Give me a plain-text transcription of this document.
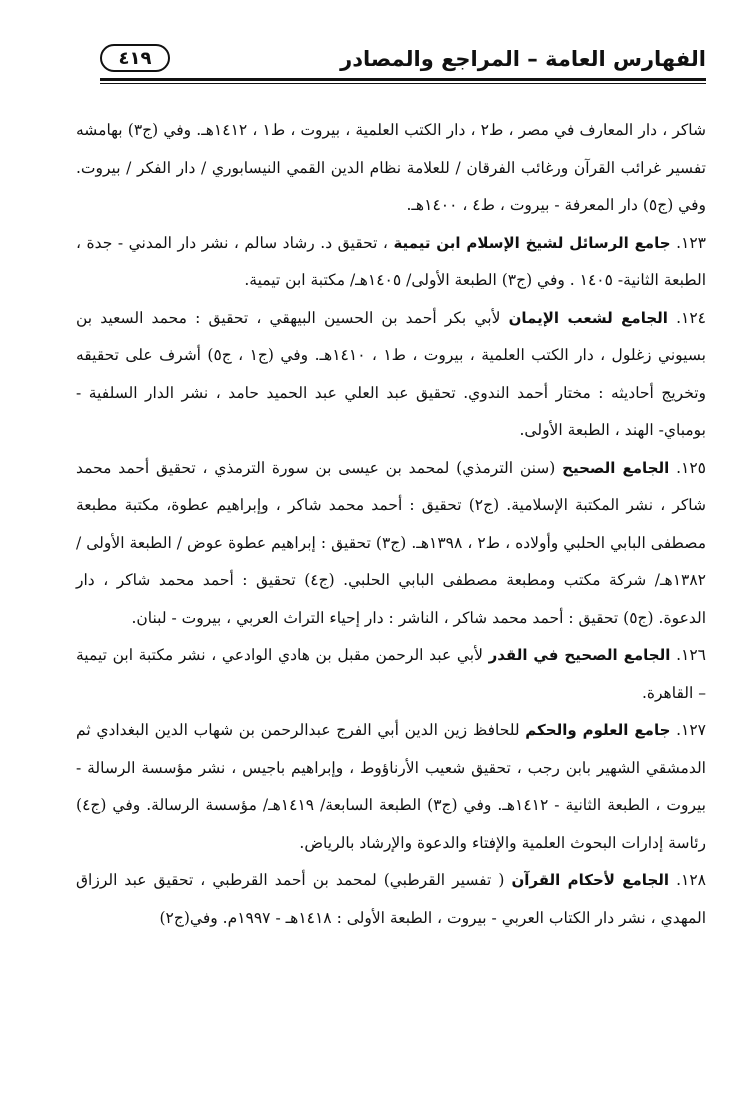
الفهارس العامة – المراجع والمصادر
٤١٩

شاكر ، دار المعارف في مصر ، ط٢ ، دار الكتب العلمية ، بيروت ، ط١ ، ١٤١٢هـ. وفي (ج٣) بهامشه تفسير غرائب القرآن ورغائب الفرقان / للعلامة نظام الدين القمي النيسابوري / دار الفكر / بيروت. وفي (ج٥) دار المعرفة - بيروت ، ط٤ ، ١٤٠٠هـ.

١٢٣. جامع الرسائل لشيخ الإسلام ابن تيمية ، تحقيق د. رشاد سالم ، نشر دار المدني - جدة ، الطبعة الثانية- ١٤٠٥ . وفي (ج٣) الطبعة الأولى/ ١٤٠٥هـ/ مكتبة ابن تيمية.

١٢٤. الجامع لشعب الإيمان لأبي بكر أحمد بن الحسين البيهقي ، تحقيق : محمد السعيد بن بسيوني زغلول ، دار الكتب العلمية ، بيروت ، ط١ ، ١٤١٠هـ. وفي (ج١ ، ج٥) أشرف على تحقيقه وتخريج أحاديثه : مختار أحمد الندوي. تحقيق عبد العلي عبد الحميد حامد ، نشر الدار السلفية - بومباي- الهند ، الطبعة الأولى.

١٢٥. الجامع الصحيح (سنن الترمذي) لمحمد بن عيسى بن سورة الترمذي ، تحقيق أحمد محمد شاكر ، نشر المكتبة الإسلامية. (ج٢) تحقيق : أحمد محمد شاكر ، وإبراهيم عطوة، مكتبة مطبعة مصطفى البابي الحلبي وأولاده ، ط٢ ، ١٣٩٨هـ. (ج٣) تحقيق : إبراهيم عطوة عوض / الطبعة الأولى / ١٣٨٢هـ/ شركة مكتب ومطبعة مصطفى البابي الحلبي. (ج٤) تحقيق : أحمد محمد شاكر ، دار الدعوة. (ج٥) تحقيق : أحمد محمد شاكر ، الناشر : دار إحياء التراث العربي ، بيروت - لبنان.

١٢٦. الجامع الصحيح في القدر لأبي عبد الرحمن مقبل بن هادي الوادعي ، نشر مكتبة ابن تيمية – القاهرة.

١٢٧. جامع العلوم والحكم للحافظ زين الدين أبي الفرج عبدالرحمن بن شهاب الدين البغدادي ثم الدمشقي الشهير بابن رجب ، تحقيق شعيب الأرناؤوط ، وإبراهيم باجيس ، نشر مؤسسة الرسالة - بيروت ، الطبعة الثانية - ١٤١٢هـ. وفي (ج٣) الطبعة السابعة/ ١٤١٩هـ/ مؤسسة الرسالة. وفي (ج٤) رئاسة إدارات البحوث العلمية والإفتاء والدعوة والإرشاد بالرياض.

١٢٨. الجامع لأحكام القرآن ( تفسير القرطبي) لمحمد بن أحمد القرطبي ، تحقيق عبد الرزاق المهدي ، نشر دار الكتاب العربي - بيروت ، الطبعة الأولى : ١٤١٨هـ - ١٩٩٧م. وفي(ج٢)
